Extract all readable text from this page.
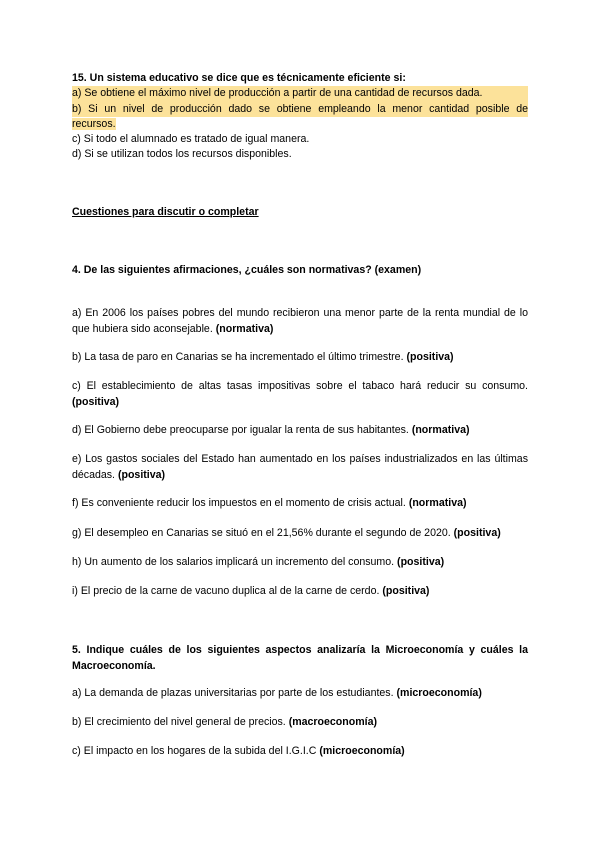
15. Un sistema educativo se dice que es técnicamente eficiente si:
a) Se obtiene el máximo nivel de producción a partir de una cantidad de recursos dada.
b) Si un nivel de producción dado se obtiene empleando la menor cantidad posible de
recursos.
c) Si todo el alumnado es tratado de igual manera.
d) Si se utilizan todos los recursos disponibles.
Cuestiones para discutir o completar
4. De las siguientes afirmaciones, ¿cuáles son normativas? (examen)
a) En 2006 los países pobres del mundo recibieron una menor parte de la renta mundial de lo que hubiera sido aconsejable. (normativa)
b) La tasa de paro en Canarias se ha incrementado el último trimestre. (positiva)
c) El establecimiento de altas tasas impositivas sobre el tabaco hará reducir su consumo. (positiva)
d) El Gobierno debe preocuparse por igualar la renta de sus habitantes. (normativa)
e) Los gastos sociales del Estado han aumentado en los países industrializados en las últimas décadas. (positiva)
f) Es conveniente reducir los impuestos en el momento de crisis actual. (normativa)
g) El desempleo en Canarias se situó en el 21,56% durante el segundo de 2020. (positiva)
h) Un aumento de los salarios implicará un incremento del consumo. (positiva)
i) El precio de la carne de vacuno duplica al de la carne de cerdo. (positiva)
5. Indique cuáles de los siguientes aspectos analizaría la Microeconomía y cuáles la Macroeconomía.
a) La demanda de plazas universitarias por parte de los estudiantes. (microeconomía)
b) El crecimiento del nivel general de precios. (macroeconomía)
c) El impacto en los hogares de la subida del I.G.I.C (microeconomía)
